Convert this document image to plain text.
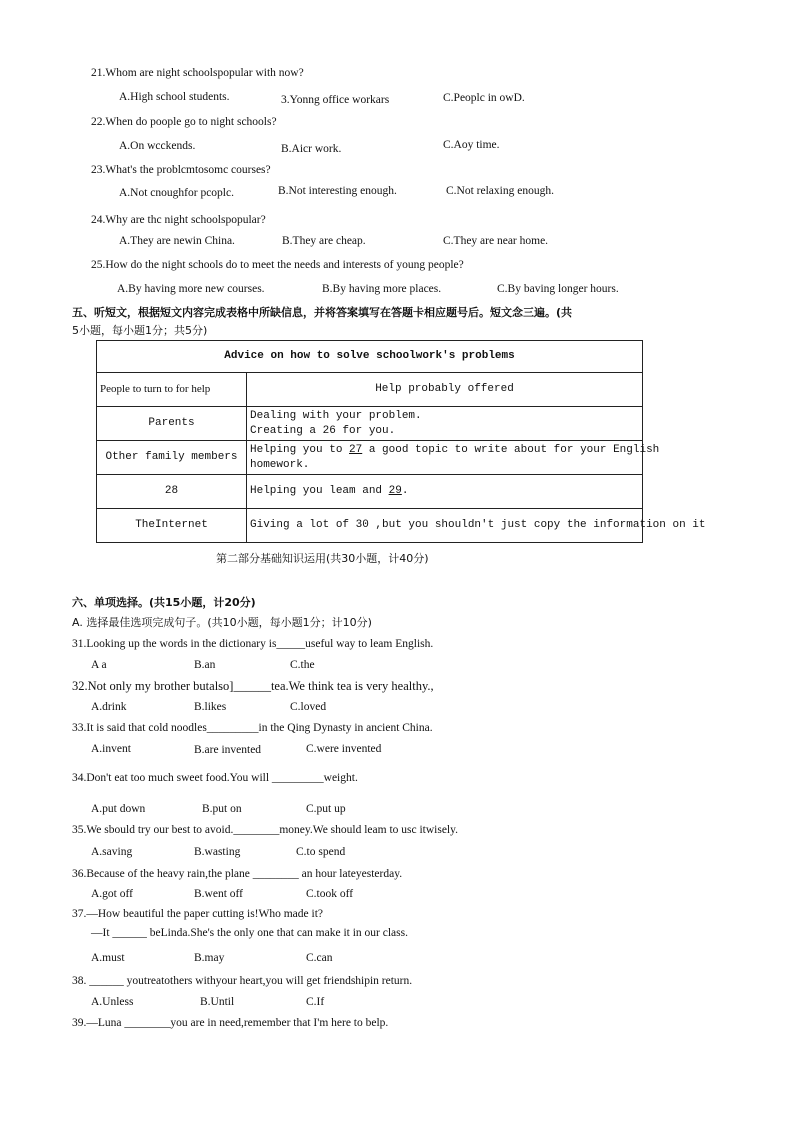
21.Whom are night schoolspopular with now?
A.High school students.	3.Yonng office workars	C.Peoplc in owD.
22.When do poople go to night schools?
A.On wcckends.	B.Aicr work.	C.Aoy time.
23.What's the problcmtosomc courses?
A.Not cnoughfor pcoplc.	B.Not interesting enough.	C.Not relaxing enough.
24.Why are thc night schoolspopular?
A.They are newin China.	B.They are cheap.	C.They are near home.
25.How do the night schools do to meet the needs and interests of young people?
A.By having more new courses.	B.By having more places.	C.By baving longer hours.
五、听短文，根据短文内容完成表格中所缺信息，并将答案填写在答题卡相应题号后。短文念三遍。(共
5小题，每小题1分；共5分)
Advice on how to solve schoolwork's problems	
People to turn to for help	Help probably offered
Parents	Dealing with your problem.
Creating a 26 for you.

Other family members	Helping you to 27 a good topic to write about for your English
homework.

28	Helping you leam and 29.
TheInternet	Giving a lot of 30 ,but you shouldn't just copy the information on it
第二部分基础知识运用(共30小题，计40分)
六、单项选择。(共15小题，计20分)
A. 选择最佳选项完成句子。(共10小题，每小题1分；计10分)
31.Looking up the words in the dictionary is_____useful way to leam English.
A a	B.an	C.the
32.Not only my brother butalso]______tea.We think tea is very healthy.,
A.drink	B.likes	C.loved
33.It is said that cold noodles_________in the Qing Dynasty in ancient China.
A.invent	B.are invented	C.were invented
34.Don't eat too much sweet food.You will _________weight.
A.put down	B.put on	C.put up
35.We sbould try our best to avoid.________money.We should leam to usc itwisely.
A.saving	B.wasting	C.to spend
36.Because of the heavy rain,the plane ________ an hour lateyesterday.
A.got off	B.went off	C.took off
37.—How beautiful the paper cutting is!Who made it?
—It ______ beLinda.She's the only one that can make it in our class.
A.must	B.may	C.can
38. ______ youtreatothers withyour heart,you will get friendshipin return.
A.Unless	B.Until	C.If
39.—Luna ________you are in need,remember that I'm here to belp.
